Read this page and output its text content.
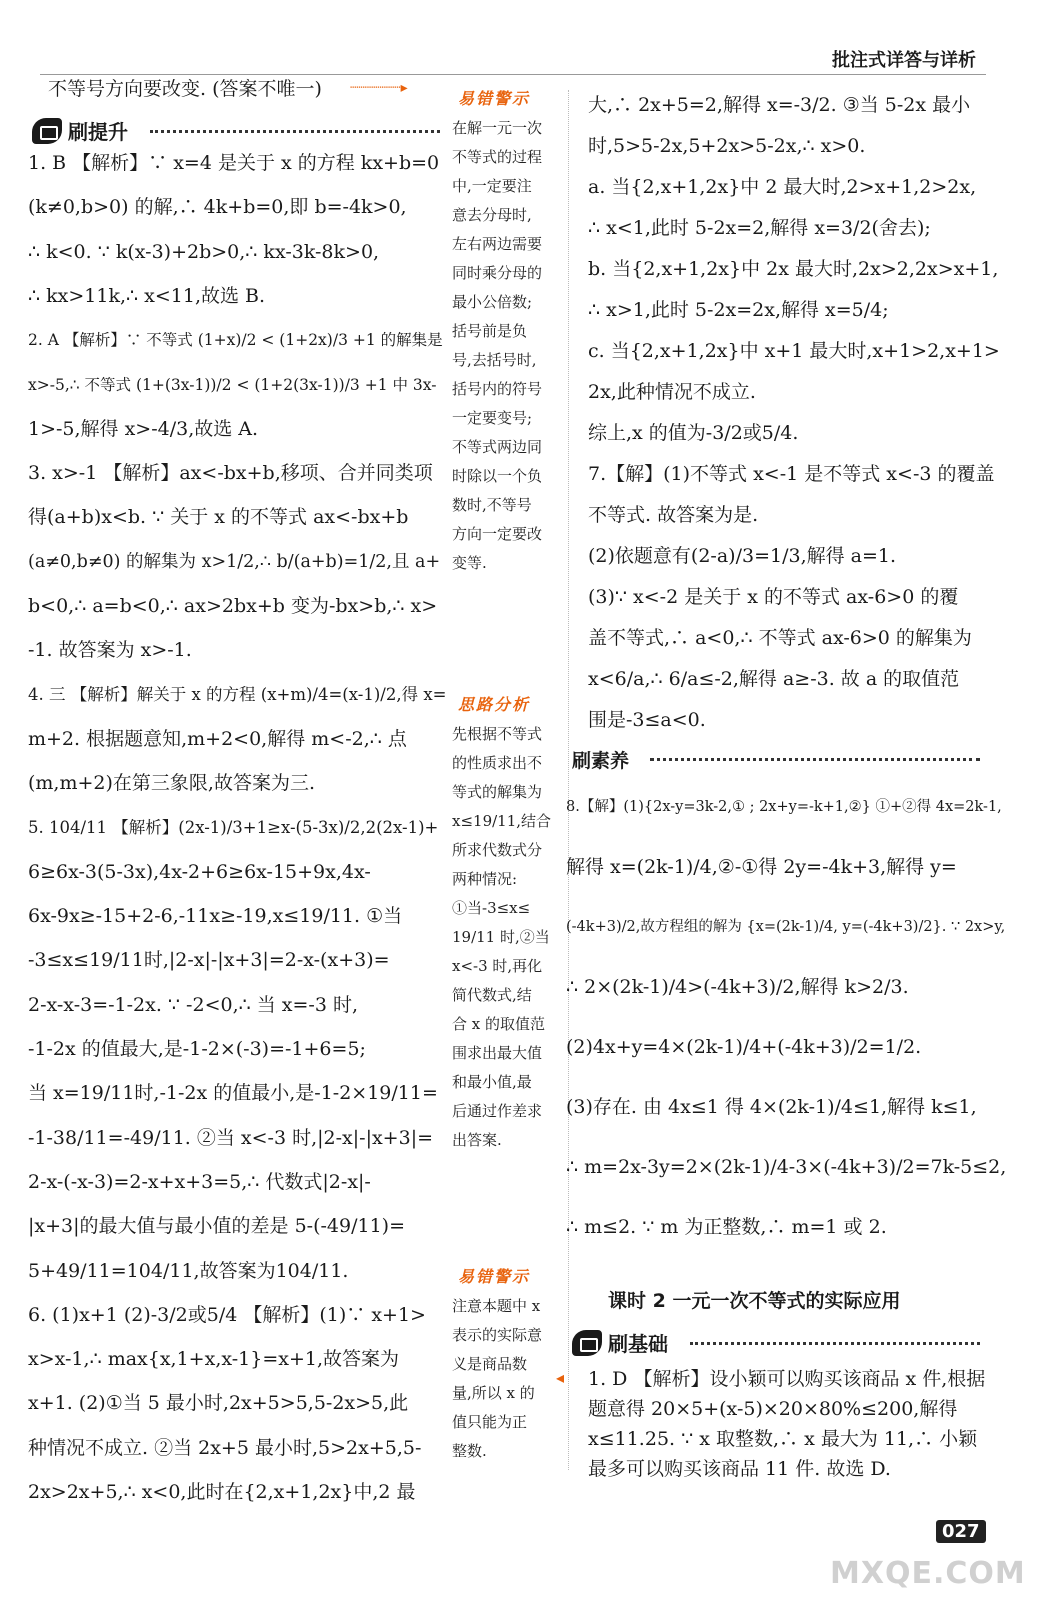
批注式详答与详析
不等号方向要改变. (答案不唯一) ┈┈┈┈┈┈▸
刷提升
1. B 【解析】∵ x=4 是关于 x 的方程 kx+b=0
(k≠0,b>0) 的解,∴ 4k+b=0,即 b=-4k>0,
∴ k<0. ∵ k(x-3)+2b>0,∴ kx-3k-8k>0,
∴ kx>11k,∴ x<11,故选 B.
2. A 【解析】∵ 不等式 (1+x)/2 < (1+2x)/3 +1 的解集是
x>-5,∴ 不等式 (1+(3x-1))/2 < (1+2(3x-1))/3 +1 中 3x-
1>-5,解得 x>-4/3,故选 A.
3. x>-1 【解析】ax<-bx+b,移项、合并同类项
得(a+b)x<b. ∵ 关于 x 的不等式 ax<-bx+b
(a≠0,b≠0) 的解集为 x>1/2,∴ b/(a+b)=1/2,且 a+
b<0,∴ a=b<0,∴ ax>2bx+b 变为-bx>b,∴ x>
-1. 故答案为 x>-1.
4. 三 【解析】解关于 x 的方程 (x+m)/4=(x-1)/2,得 x=
m+2. 根据题意知,m+2<0,解得 m<-2,∴ 点
(m,m+2)在第三象限,故答案为三.
5. 104/11 【解析】(2x-1)/3+1≥x-(5-3x)/2,2(2x-1)+
6≥6x-3(5-3x),4x-2+6≥6x-15+9x,4x-
6x-9x≥-15+2-6,-11x≥-19,x≤19/11. ①当
-3≤x≤19/11时,|2-x|-|x+3|=2-x-(x+3)=
2-x-x-3=-1-2x. ∵ -2<0,∴ 当 x=-3 时,
-1-2x 的值最大,是-1-2×(-3)=-1+6=5;
当 x=19/11时,-1-2x 的值最小,是-1-2×19/11=
-1-38/11=-49/11. ②当 x<-3 时,|2-x|-|x+3|=
2-x-(-x-3)=2-x+x+3=5,∴ 代数式|2-x|-
|x+3|的最大值与最小值的差是 5-(-49/11)=
5+49/11=104/11,故答案为104/11.
6. (1)x+1 (2)-3/2或5/4 【解析】(1)∵ x+1>
x>x-1,∴ max{x,1+x,x-1}=x+1,故答案为
x+1. (2)①当 5 最小时,2x+5>5,5-2x>5,此
种情况不成立. ②当 2x+5 最小时,5>2x+5,5-
2x>2x+5,∴ x<0,此时在{2,x+1,2x}中,2 最
易错警示
在解一元一次
不等式的过程
中,一定要注
意去分母时,
左右两边需要
同时乘分母的
最小公倍数;
括号前是负
号,去括号时,
括号内的符号
一定要变号;
不等式两边同
时除以一个负
数时,不等号
方向一定要改
变等.
思路分析
先根据不等式
的性质求出不
等式的解集为
x≤19/11,结合
所求代数式分
两种情况:
①当-3≤x≤
19/11 时,②当
x<-3 时,再化
简代数式,结
合 x 的取值范
围求出最大值
和最小值,最
后通过作差求
出答案.
易错警示
注意本题中 x
表示的实际意
义是商品数
量,所以 x 的
值只能为正
整数.
大,∴ 2x+5=2,解得 x=-3/2. ③当 5-2x 最小
时,5>5-2x,5+2x>5-2x,∴ x>0.
a. 当{2,x+1,2x}中 2 最大时,2>x+1,2>2x,
∴ x<1,此时 5-2x=2,解得 x=3/2(舍去);
b. 当{2,x+1,2x}中 2x 最大时,2x>2,2x>x+1,
∴ x>1,此时 5-2x=2x,解得 x=5/4;
c. 当{2,x+1,2x}中 x+1 最大时,x+1>2,x+1>
2x,此种情况不成立.
综上,x 的值为-3/2或5/4.
7.【解】(1)不等式 x<-1 是不等式 x<-3 的覆盖
不等式. 故答案为是.
(2)依题意有(2-a)/3=1/3,解得 a=1.
(3)∵ x<-2 是关于 x 的不等式 ax-6>0 的覆
盖不等式,∴ a<0,∴ 不等式 ax-6>0 的解集为
x<6/a,∴ 6/a≤-2,解得 a≥-3. 故 a 的取值范
围是-3≤a<0.
刷素养
8.【解】(1){2x-y=3k-2,① ; 2x+y=-k+1,②} ①+②得 4x=2k-1,
解得 x=(2k-1)/4,②-①得 2y=-4k+3,解得 y=
(-4k+3)/2,故方程组的解为 {x=(2k-1)/4, y=(-4k+3)/2}. ∵ 2x>y,
∴ 2×(2k-1)/4>(-4k+3)/2,解得 k>2/3.
(2)4x+y=4×(2k-1)/4+(-4k+3)/2=1/2.
(3)存在. 由 4x≤1 得 4×(2k-1)/4≤1,解得 k≤1,
∴ m=2x-3y=2×(2k-1)/4-3×(-4k+3)/2=7k-5≤2,
∴ m≤2. ∵ m 为正整数,∴ m=1 或 2.
课时 2 一元一次不等式的实际应用
刷基础
◂ 1. D 【解析】设小颖可以购买该商品 x 件,根据
题意得 20×5+(x-5)×20×80%≤200,解得
x≤11.25. ∵ x 取整数,∴ x 最大为 11,∴ 小颖
最多可以购买该商品 11 件. 故选 D.
027
MXQE.COM
